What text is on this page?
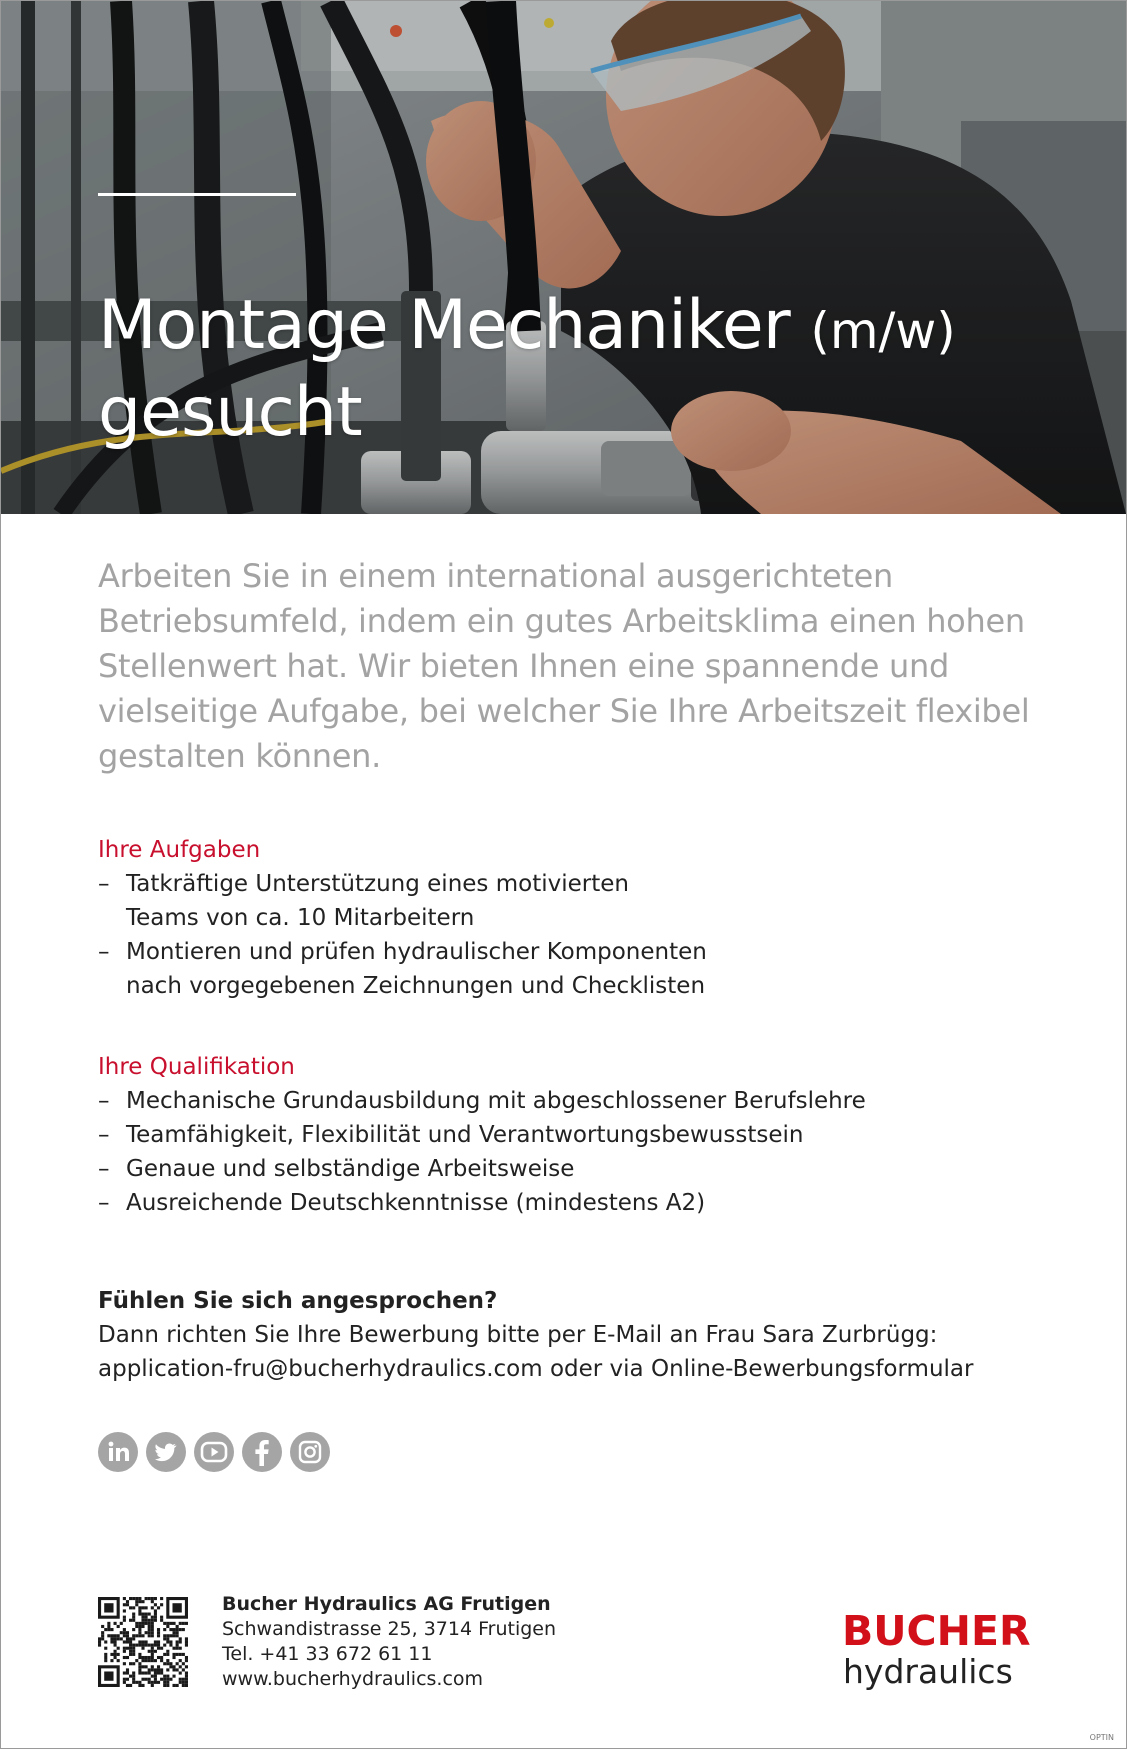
Montage Mechaniker (m/w)
gesucht

Arbeiten Sie in einem international ausgerichteten Betriebsumfeld, indem ein gutes Arbeitsklima einen hohen Stellenwert hat. Wir bieten Ihnen eine spannende und vielseitige Aufgabe, bei welcher Sie Ihre Arbeitszeit flexibel gestalten können.

Ihre Aufgaben
– Tatkräftige Unterstützung eines motivierten
Teams von ca. 10 Mitarbeitern
– Montieren und prüfen hydraulischer Komponenten
nach vorgegebenen Zeichnungen und Checklisten
Ihre Qualifikation
– Mechanische Grundausbildung mit abgeschlossener Berufslehre
– Teamfähigkeit, Flexibilität und Verantwortungsbewusstsein
– Genaue und selbständige Arbeitsweise
– Ausreichende Deutschkenntnisse (mindestens A2)

Fühlen Sie sich angesprochen?

Dann richten Sie Ihre Bewerbung bitte per E-Mail an Frau Sara Zurbrügg:

application-fru@bucherhydraulics.com oder via Online-Bewerbungsformular

Bucher Hydraulics AG Frutigen

Schwandistrasse 25, 3714 Frutigen

Tel. +41 33 672 61 11

www.bucherhydraulics.com

BUCHER
hydraulics
OPTIN
